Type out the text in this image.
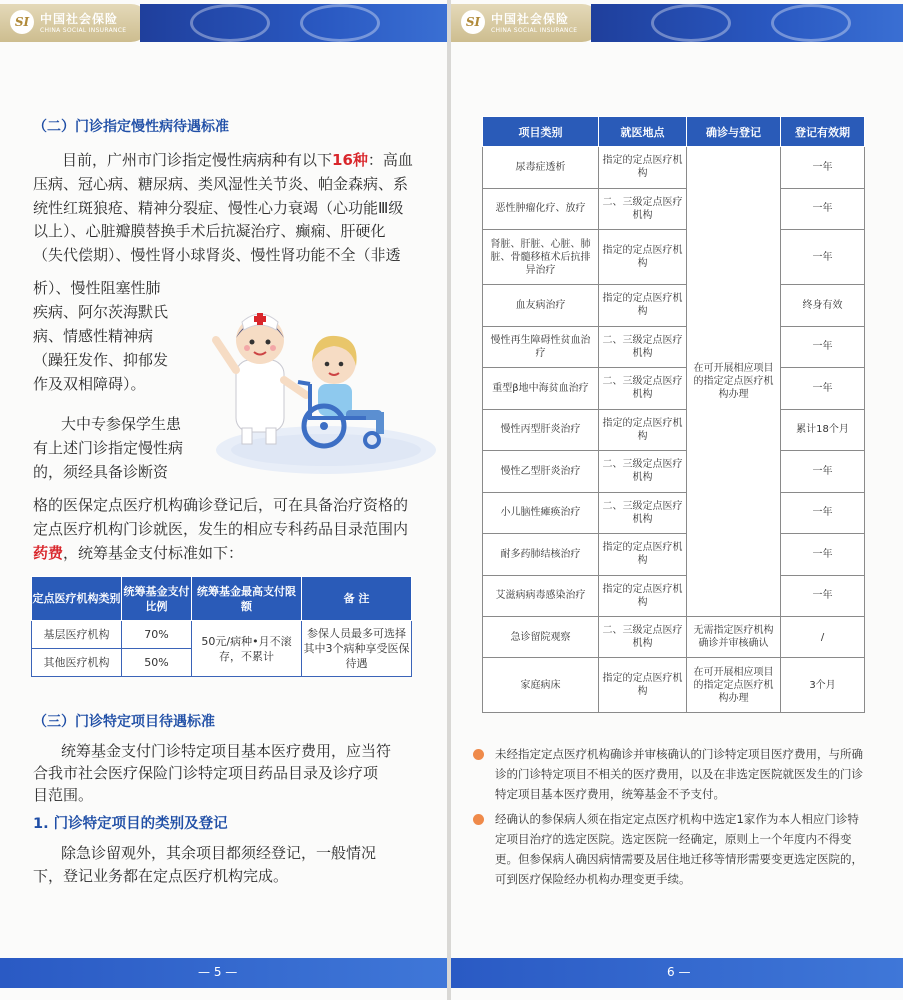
SI 中国社会保险
CHINA SOCIAL INSURANCE
（二）门诊指定慢性病待遇标准
目前，广州市门诊指定慢性病病种有以下16种：高血
压病、冠心病、糖尿病、类风湿性关节炎、帕金森病、系
统性红斑狼疮、精神分裂症、慢性心力衰竭（心功能Ⅲ级
以上）、心脏瓣膜替换手术后抗凝治疗、癫痫、肝硬化
（失代偿期）、慢性肾小球肾炎、慢性肾功能不全（非透
析）、慢性阻塞性肺
疾病、阿尔茨海默氏
病、情感性精神病
（躁狂发作、抑郁发
作及双相障碍）。
大中专参保学生患
有上述门诊指定慢性病
的，须经具备诊断资
格的医保定点医疗机构确诊登记后，可在具备治疗资格的
定点医疗机构门诊就医，发生的相应专科药品目录范围内
药费，统筹基金支付标准如下：
定点医疗机构类别	统筹基金支付比例	统筹基金最高支付限额	备 注
基层医疗机构	70%	50元/病种•月不滚存，不累计	参保人员最多可选择其中3个病种享受医保待遇
其他医疗机构	50%		
（三）门诊特定项目待遇标准
统筹基金支付门诊特定项目基本医疗费用，应当符
合我市社会医疗保险门诊特定项目药品目录及诊疗项
目范围。
1. 门诊特定项目的类别及登记
除急诊留观外，其余项目都须经登记，一般情况
下，登记业务都在定点医疗机构完成。
— 5 —
SI 中国社会保险
CHINA SOCIAL INSURANCE
6 —
项目类别	就医地点	确诊与登记	登记有效期
尿毒症透析	指定的定点医疗机构	在可开展相应项目的指定定点医疗机构办理	一年
恶性肿瘤化疗、放疗	二、三级定点医疗机构		一年
肾脏、肝脏、心脏、肺脏、骨髓移植术后抗排异治疗	指定的定点医疗机构		一年
血友病治疗	指定的定点医疗机构		终身有效
慢性再生障碍性贫血治疗	二、三级定点医疗机构		一年
重型β地中海贫血治疗	二、三级定点医疗机构		一年
慢性丙型肝炎治疗	指定的定点医疗机构		累计18个月
慢性乙型肝炎治疗	二、三级定点医疗机构		一年
小儿脑性瘫痪治疗	二、三级定点医疗机构		一年
耐多药肺结核治疗	指定的定点医疗机构		一年
艾滋病病毒感染治疗	指定的定点医疗机构		一年
急诊留院观察	二、三级定点医疗机构	无需指定医疗机构确诊并审核确认	/
家庭病床	指定的定点医疗机构	在可开展相应项目的指定定点医疗机构办理	3个月
未经指定定点医疗机构确诊并审核确认的门诊特定项目医疗费用，与所确诊的门诊特定项目不相关的医疗费用，以及在非选定医院就医发生的门诊特定项目基本医疗费用，统筹基金不予支付。
经确认的参保病人须在指定定点医疗机构中选定1家作为本人相应门诊特定项目治疗的选定医院。选定医院一经确定，原则上一个年度内不得变更。但参保病人确因病情需要及居住地迁移等情形需要变更选定医院的，可到医疗保险经办机构办理变更手续。
